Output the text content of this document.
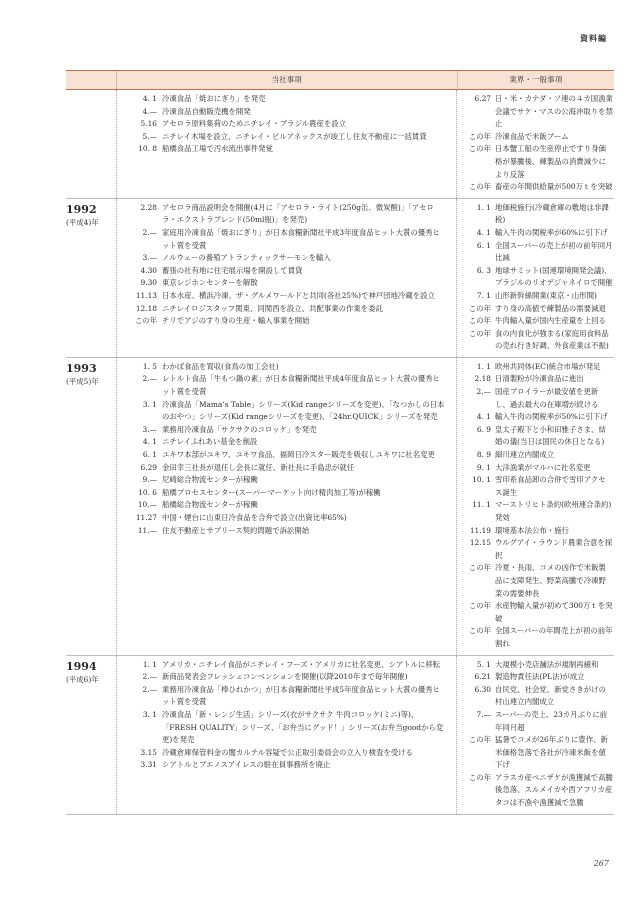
資料編
当社事項	業界・一般事項
4. 1 冷凍食品「焼おにぎり」を発売
4.— 冷凍食品自動販売機を開発
5.16 アセロラ原料集荷のためニチレイ・ブラジル農産を設立
5.— ニチレイ木場を設立、ニチレイ・ビルアネックスが竣工し住友不動産に一括賃貸
10. 8 船橋食品工場で汚水流出事件発覚
6.27 日・米・カナダ・ソ連の４カ国漁業会議でサケ・マスの公海沖取りを禁止
この年 冷凍食品で米飯ブーム
この年 日本蟹工船の生産停止ですり身価格が暴騰後、練製品の消費減少により反落
この年 畜産の年間供給量が500万ｔを突破
1992
(平成4)年
2.28 アセロラ商品説明会を開催(4月に「アセロラ・ライト(250g缶、微炭酸)」「アセロラ・エクストラブレンド(50ml瓶)」を発売)
2.— 家庭用冷凍食品「焼おにぎり」が日本食糧新聞社平成3年度食品ヒット大賞の優秀ヒット賞を受賞
3.— ノルウェーの養殖アトランティックサーモンを輸入
4.30 蓄張の社有地に住宅展示場を開設して賃貸
9.30 東京レジホンセンターを解散
11.13 日本水産、横浜冷凍、ザ・グルメワールドと共同(各社25%)で神戸団地冷蔵を設立
12.18 ニチレイロジスタッフ関東、同関西を設立、共配事業の作業を委託
この年 チリでアジのすり身の生産・輸入事業を開始
1. 1 地価税施行(冷蔵倉庫の敷地は非課税)
4. 1 輸入牛肉の関税率が60%に引下げ
6. 1 全国スーパーの売上が初の前年同月比減
6. 3 地球サミット(国連環境開発会議)、ブラジルのリオデジャネイロで開催
7. 1 山形新幹線開業(東京・山形間)
この年 すり身の高値で練製品の需要減退
この年 牛肉輸入量が国内生産量を上回る
この年 食の内食化が強まる(家庭用食料品の売れ行き好調、外食産業は不振)
1993
(平成5)年
1. 5 わかば食品を買収(食鳥の加工会社)
2.— レトルト食品「牛もつ鍋の素」が日本食糧新聞社平成4年度食品ヒット大賞の優秀ヒット賞を受賞
3. 1 冷凍食品「Mama’s Table」シリーズ(Kid rangeシリーズを変更)、「なつかしの日本のおやつ」シリーズ(Kid rangeシリーズを変更)、「24hr.QUICK」シリーズを発売
3.— 業務用冷凍食品「サクサクのコロッケ」を発売
4. 1 ニチレイふれあい基金を創設
6. 1 ユキワ本部がユキワ、ユキワ食品、福岡日冷スター販売を吸収しユキワに社名変更
6.29 金田幸三社長が退任し会長に就任、新社長に手島忠が就任
9.— 尼崎総合物流センターが稼働
10. 6 船橋プロセスセンター(スーパーマーケット向け精肉加工等)が稼働
10.— 船橋総合物流センターが稼働
11.27 中国・煙台に山東日冷食品を合弁で設立(出資比率65%)
11.— 住友不動産とサブリース契約問題で訴訟開始
1. 1 欧州共同体(EC)統合市場が発足
2.18 日清製粉が冷凍食品に進出
2.— 国産ブロイラーが最安値を更新し、過去最大の在庫増が続ける
4. 1 輸入牛肉の関税率が50%に引下げ
6. 9 皇太子殿下と小和田雅子さま、結婚の儀(当日は国民の休日となる)
8. 9 細川連立内閣成立
9. 1 大洋漁業がマルハに社名変更
10. 1 雪印系食品卸の合併で雪印アクセス誕生
11. 1 マーストリヒト条約(欧州連合条約)発効
11.19 環境基本法公布・施行
12.15 ウルグアイ・ラウンド農業合意を採択
この年 冷夏・長雨、コメの凶作で米飯製品に支障発生、野菜高騰で冷凍野菜の需要伸長
この年 水産物輸入量が初めて300万ｔを突破
この年 全国スーパーの年間売上が初の前年割れ
1994
(平成6)年
1. 1 アメリカ・ニチレイ食品がニチレイ・フーズ・アメリカに社名変更、シアトルに移転
2.— 新商品発表会フレッシュコンベンションを開催(以降2010年まで毎年開催)
2.— 業務用冷凍食品「棒ひれかつ」が日本食糧新聞社平成5年度食品ヒット大賞の優秀ヒット賞を受賞
3. 1 冷凍食品「新・レンジ生活」シリーズ(衣がサクサク 牛肉コロッケ(ミニ)等)、「FRESH QUALITY」シリーズ、「お弁当にグッド！」シリーズ(お弁当goodから変更)を発売
3.15 冷蔵倉庫保管料金の闇カルテル容疑で公正取引委員会の立入り検査を受ける
3.31 シアトルとブエノスアイレスの駐在員事務所を廃止
5. 1 大規模小売店舗法が規制再緩和
6.21 製造物責任法(PL法)が成立
6.30 自民党、社会党、新党さきがけの村山連立内閣成立
7.— スーパーの売上、23カ月ぶりに前年同月超
この年 猛暑でコメが26年ぶりに豊作、新米価格急落で各社が冷凍米飯を値下げ
この年 アラスカ産ベニザケが漁獲減で高騰後急落、スルメイカや西アフリカ産タコは不漁や漁獲減で急騰
267
